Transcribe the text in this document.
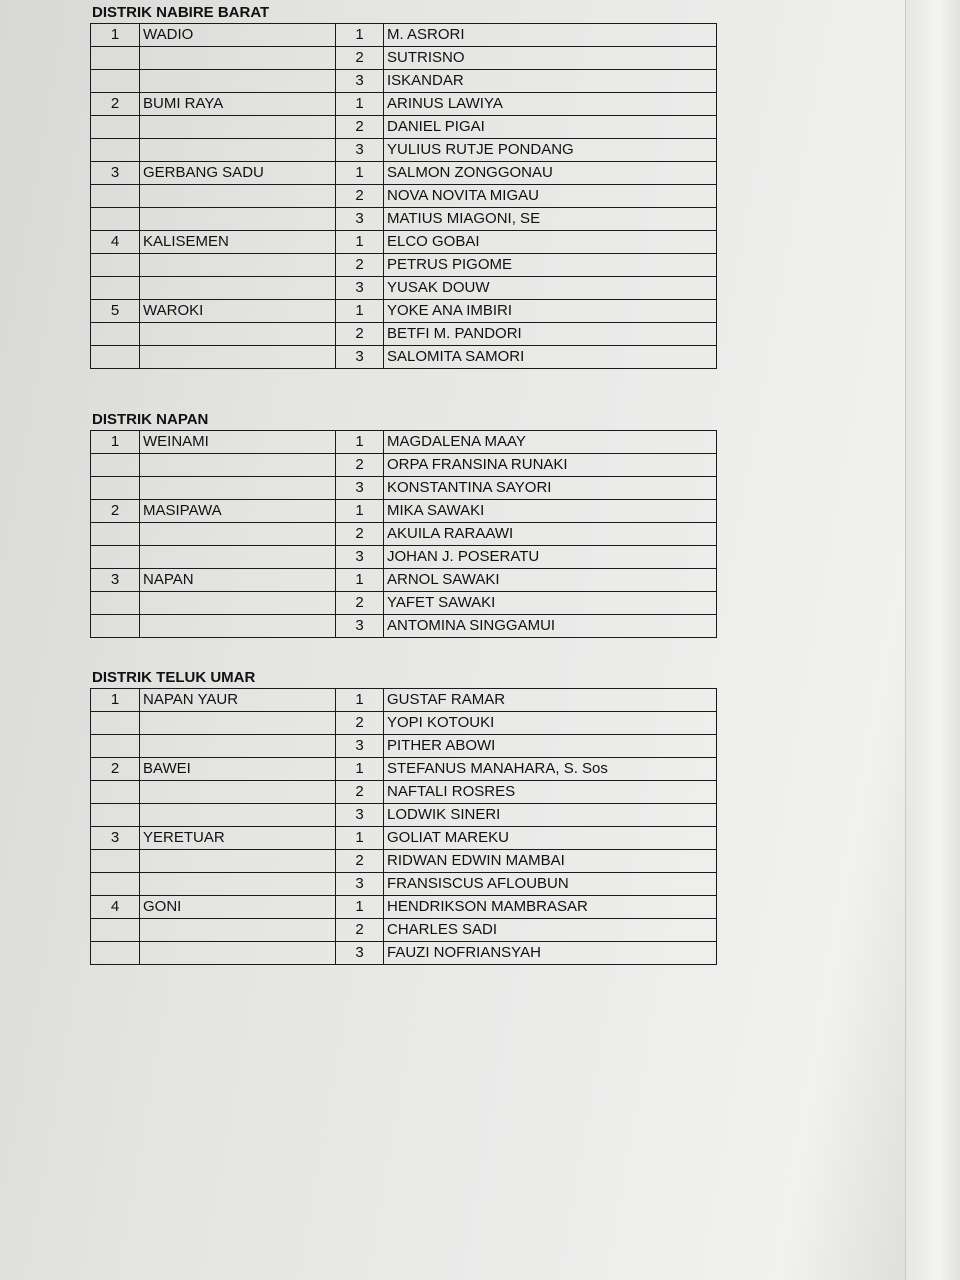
DISTRIK NABIRE BARAT
1	WADIO	1	M. ASRORI
		2	SUTRISNO
		3	ISKANDAR
2	BUMI RAYA	1	ARINUS LAWIYA
		2	DANIEL PIGAI
		3	YULIUS RUTJE PONDANG
3	GERBANG SADU	1	SALMON ZONGGONAU
		2	NOVA NOVITA MIGAU
		3	MATIUS MIAGONI, SE
4	KALISEMEN	1	ELCO GOBAI
		2	PETRUS PIGOME
		3	YUSAK DOUW
5	WAROKI	1	YOKE ANA IMBIRI
		2	BETFI M. PANDORI
		3	SALOMITA SAMORI
DISTRIK NAPAN
1	WEINAMI	1	MAGDALENA MAAY
		2	ORPA FRANSINA RUNAKI
		3	KONSTANTINA SAYORI
2	MASIPAWA	1	MIKA SAWAKI
		2	AKUILA RARAAWI
		3	JOHAN J. POSERATU
3	NAPAN	1	ARNOL SAWAKI
		2	YAFET SAWAKI
		3	ANTOMINA SINGGAMUI
DISTRIK TELUK UMAR
1	NAPAN YAUR	1	GUSTAF RAMAR
		2	YOPI KOTOUKI
		3	PITHER ABOWI
2	BAWEI	1	STEFANUS MANAHARA, S. Sos
		2	NAFTALI ROSRES
		3	LODWIK SINERI
3	YERETUAR	1	GOLIAT MAREKU
		2	RIDWAN EDWIN MAMBAI
		3	FRANSISCUS AFLOUBUN
4	GONI	1	HENDRIKSON MAMBRASAR
		2	CHARLES SADI
		3	FAUZI NOFRIANSYAH
